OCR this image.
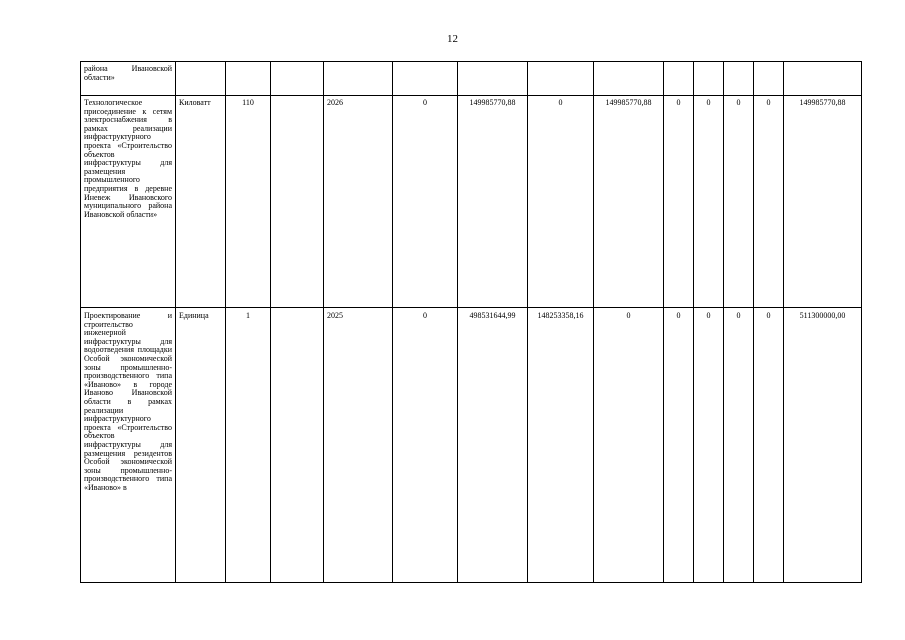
12
района Ивановской области»													
Технологическое присоединение к сетям электроснабжения в рамках реализации инфраструктурного проекта «Строительство объектов инфраструктуры для размещения промышленного предприятия в деревне Иневеж Ивановского муниципального района Ивановской области»	Киловатт	110		2026	0	149985770,88	0	149985770,88	0	0	0	0	149985770,88
Проектирование и строительство инженерной инфраструктуры для водоотведения площадки Особой экономической зоны промышленно-производственного типа «Иваново» в городе Иваново Ивановской области в рамках реализации инфраструктурного проекта «Строительство объектов инфраструктуры для размещения резидентов Особой экономической зоны промышленно-производственного типа «Иваново» в	Единица	1		2025	0	498531644,99	148253358,16	0	0	0	0	0	511300000,00
